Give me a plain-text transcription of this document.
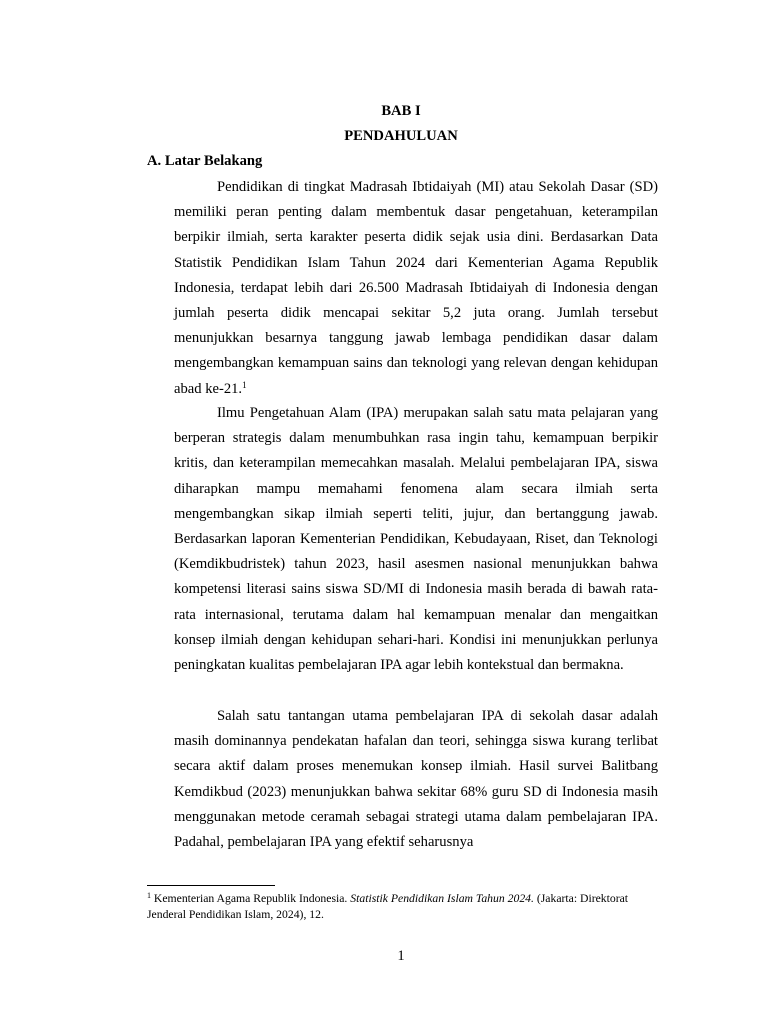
BAB I
PENDAHULUAN
A. Latar Belakang

Pendidikan di tingkat Madrasah Ibtidaiyah (MI) atau Sekolah Dasar (SD) memiliki peran penting dalam membentuk dasar pengetahuan, keterampilan berpikir ilmiah, serta karakter peserta didik sejak usia dini. Berdasarkan Data Statistik Pendidikan Islam Tahun 2024 dari Kementerian Agama Republik Indonesia, terdapat lebih dari 26.500 Madrasah Ibtidaiyah di Indonesia dengan jumlah peserta didik mencapai sekitar 5,2 juta orang. Jumlah tersebut menunjukkan besarnya tanggung jawab lembaga pendidikan dasar dalam mengembangkan kemampuan sains dan teknologi yang relevan dengan kehidupan abad ke-21.$^1$

Ilmu Pengetahuan Alam (IPA) merupakan salah satu mata pelajaran yang berperan strategis dalam menumbuhkan rasa ingin tahu, kemampuan berpikir kritis, dan keterampilan memecahkan masalah. Melalui pembelajaran IPA, siswa diharapkan mampu memahami fenomena alam secara ilmiah serta mengembangkan sikap ilmiah seperti teliti, jujur, dan bertanggung jawab. Berdasarkan laporan Kementerian Pendidikan, Kebudayaan, Riset, dan Teknologi (Kemdikbudristek) tahun 2023, hasil asesmen nasional menunjukkan bahwa kompetensi literasi sains siswa SD/MI di Indonesia masih berada di bawah rata-rata internasional, terutama dalam hal kemampuan menalar dan mengaitkan konsep ilmiah dengan kehidupan sehari-hari. Kondisi ini menunjukkan perlunya peningkatan kualitas pembelajaran IPA agar lebih kontekstual dan bermakna.

Salah satu tantangan utama pembelajaran IPA di sekolah dasar adalah masih dominannya pendekatan hafalan dan teori, sehingga siswa kurang terlibat secara aktif dalam proses menemukan konsep ilmiah. Hasil survei Balitbang Kemdikbud (2023) menunjukkan bahwa sekitar 68% guru SD di Indonesia masih menggunakan metode ceramah sebagai strategi utama dalam pembelajaran IPA. Padahal, pembelajaran IPA yang efektif seharusnya

$^1$ Kementerian Agama Republik Indonesia. Statistik Pendidikan Islam Tahun 2024. (Jakarta: Direktorat Jenderal Pendidikan Islam, 2024), 12.

1
